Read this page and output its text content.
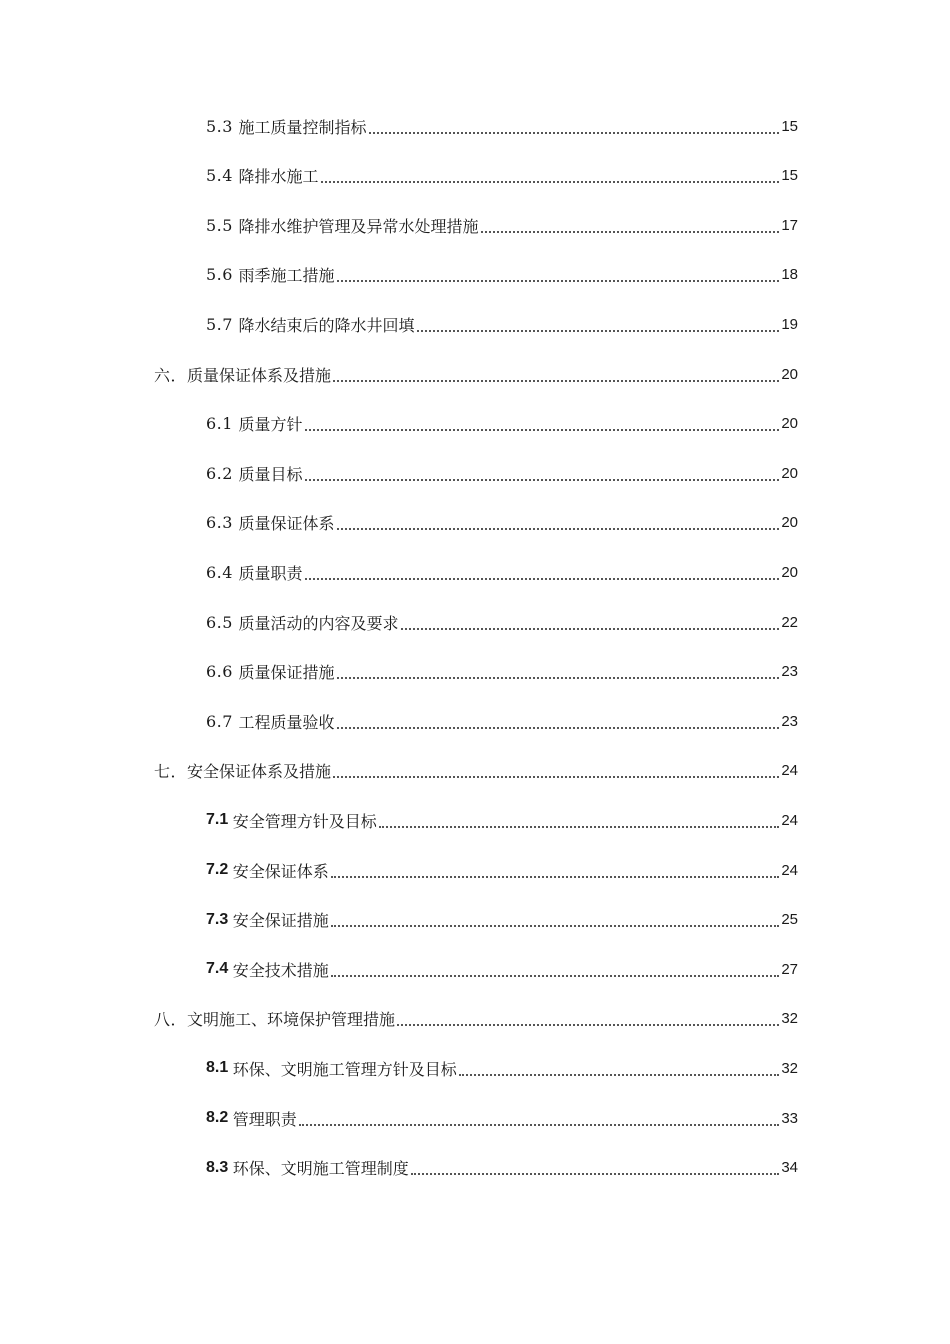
5.3 施工质量控制指标	15
5.4 降排水施工	15
5.5 降排水维护管理及异常水处理措施	17
5.6 雨季施工措施	18
5.7 降水结束后的降水井回填	19
六． 质量保证体系及措施	20
6.1 质量方针	20
6.2 质量目标	20
6.3 质量保证体系	20
6.4 质量职责	20
6.5 质量活动的内容及要求	22
6.6 质量保证措施	23
6.7 工程质量验收	23
七． 安全保证体系及措施	24
7.1 安全管理方针及目标	24
7.2 安全保证体系	24
7.3 安全保证措施	25
7.4 安全技术措施	27
八． 文明施工、环境保护管理措施	32
8.1 环保、文明施工管理方针及目标	32
8.2 管理职责	33
8.3 环保、文明施工管理制度	34
